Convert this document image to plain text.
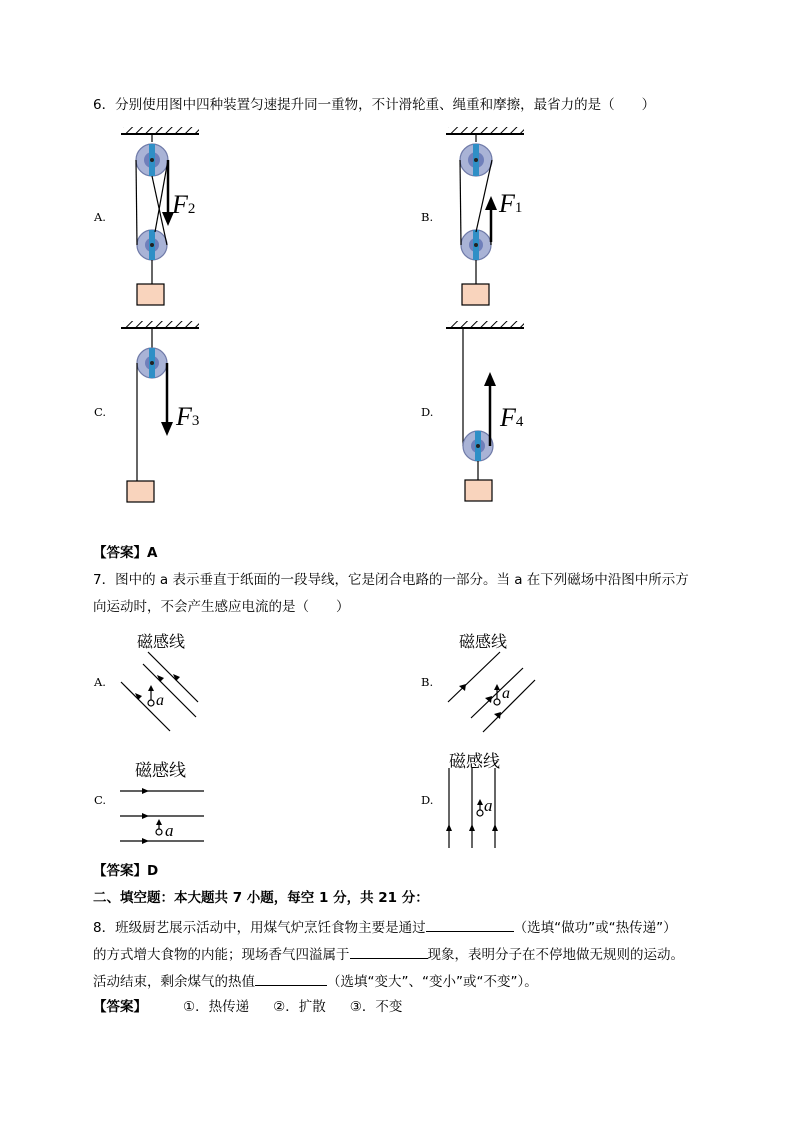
6．分别使用图中四种装置匀速提升同一重物，不计滑轮重、绳重和摩擦，最省力的是（　　）
A.	F2	B.	F1
C.	F3
D.	F4
【答案】A
7．图中的 a 表示垂直于纸面的一段导线，它是闭合电路的一部分。当 a 在下列磁场中沿图中所示方
向运动时，不会产生感应电流的是（　　）
A.
磁感线
a
B.
磁感线
a
C.
磁感线
a
D.
磁感线
a
【答案】D
二、填空题：本大题共 7 小题，每空 1 分，共 21 分：
8．班级厨艺展示活动中，用煤气炉烹饪食物主要是通过	（选填“做功”或“热传递”）
的方式增大食物的内能；现场香气四溢属于	现象，表明分子在不停地做无规则的运动。
活动结束，剩余煤气的热值	（选填“变大”、“变小”或“不变”）。
【答案】	①．热传递 ②．扩散 ③．不变
